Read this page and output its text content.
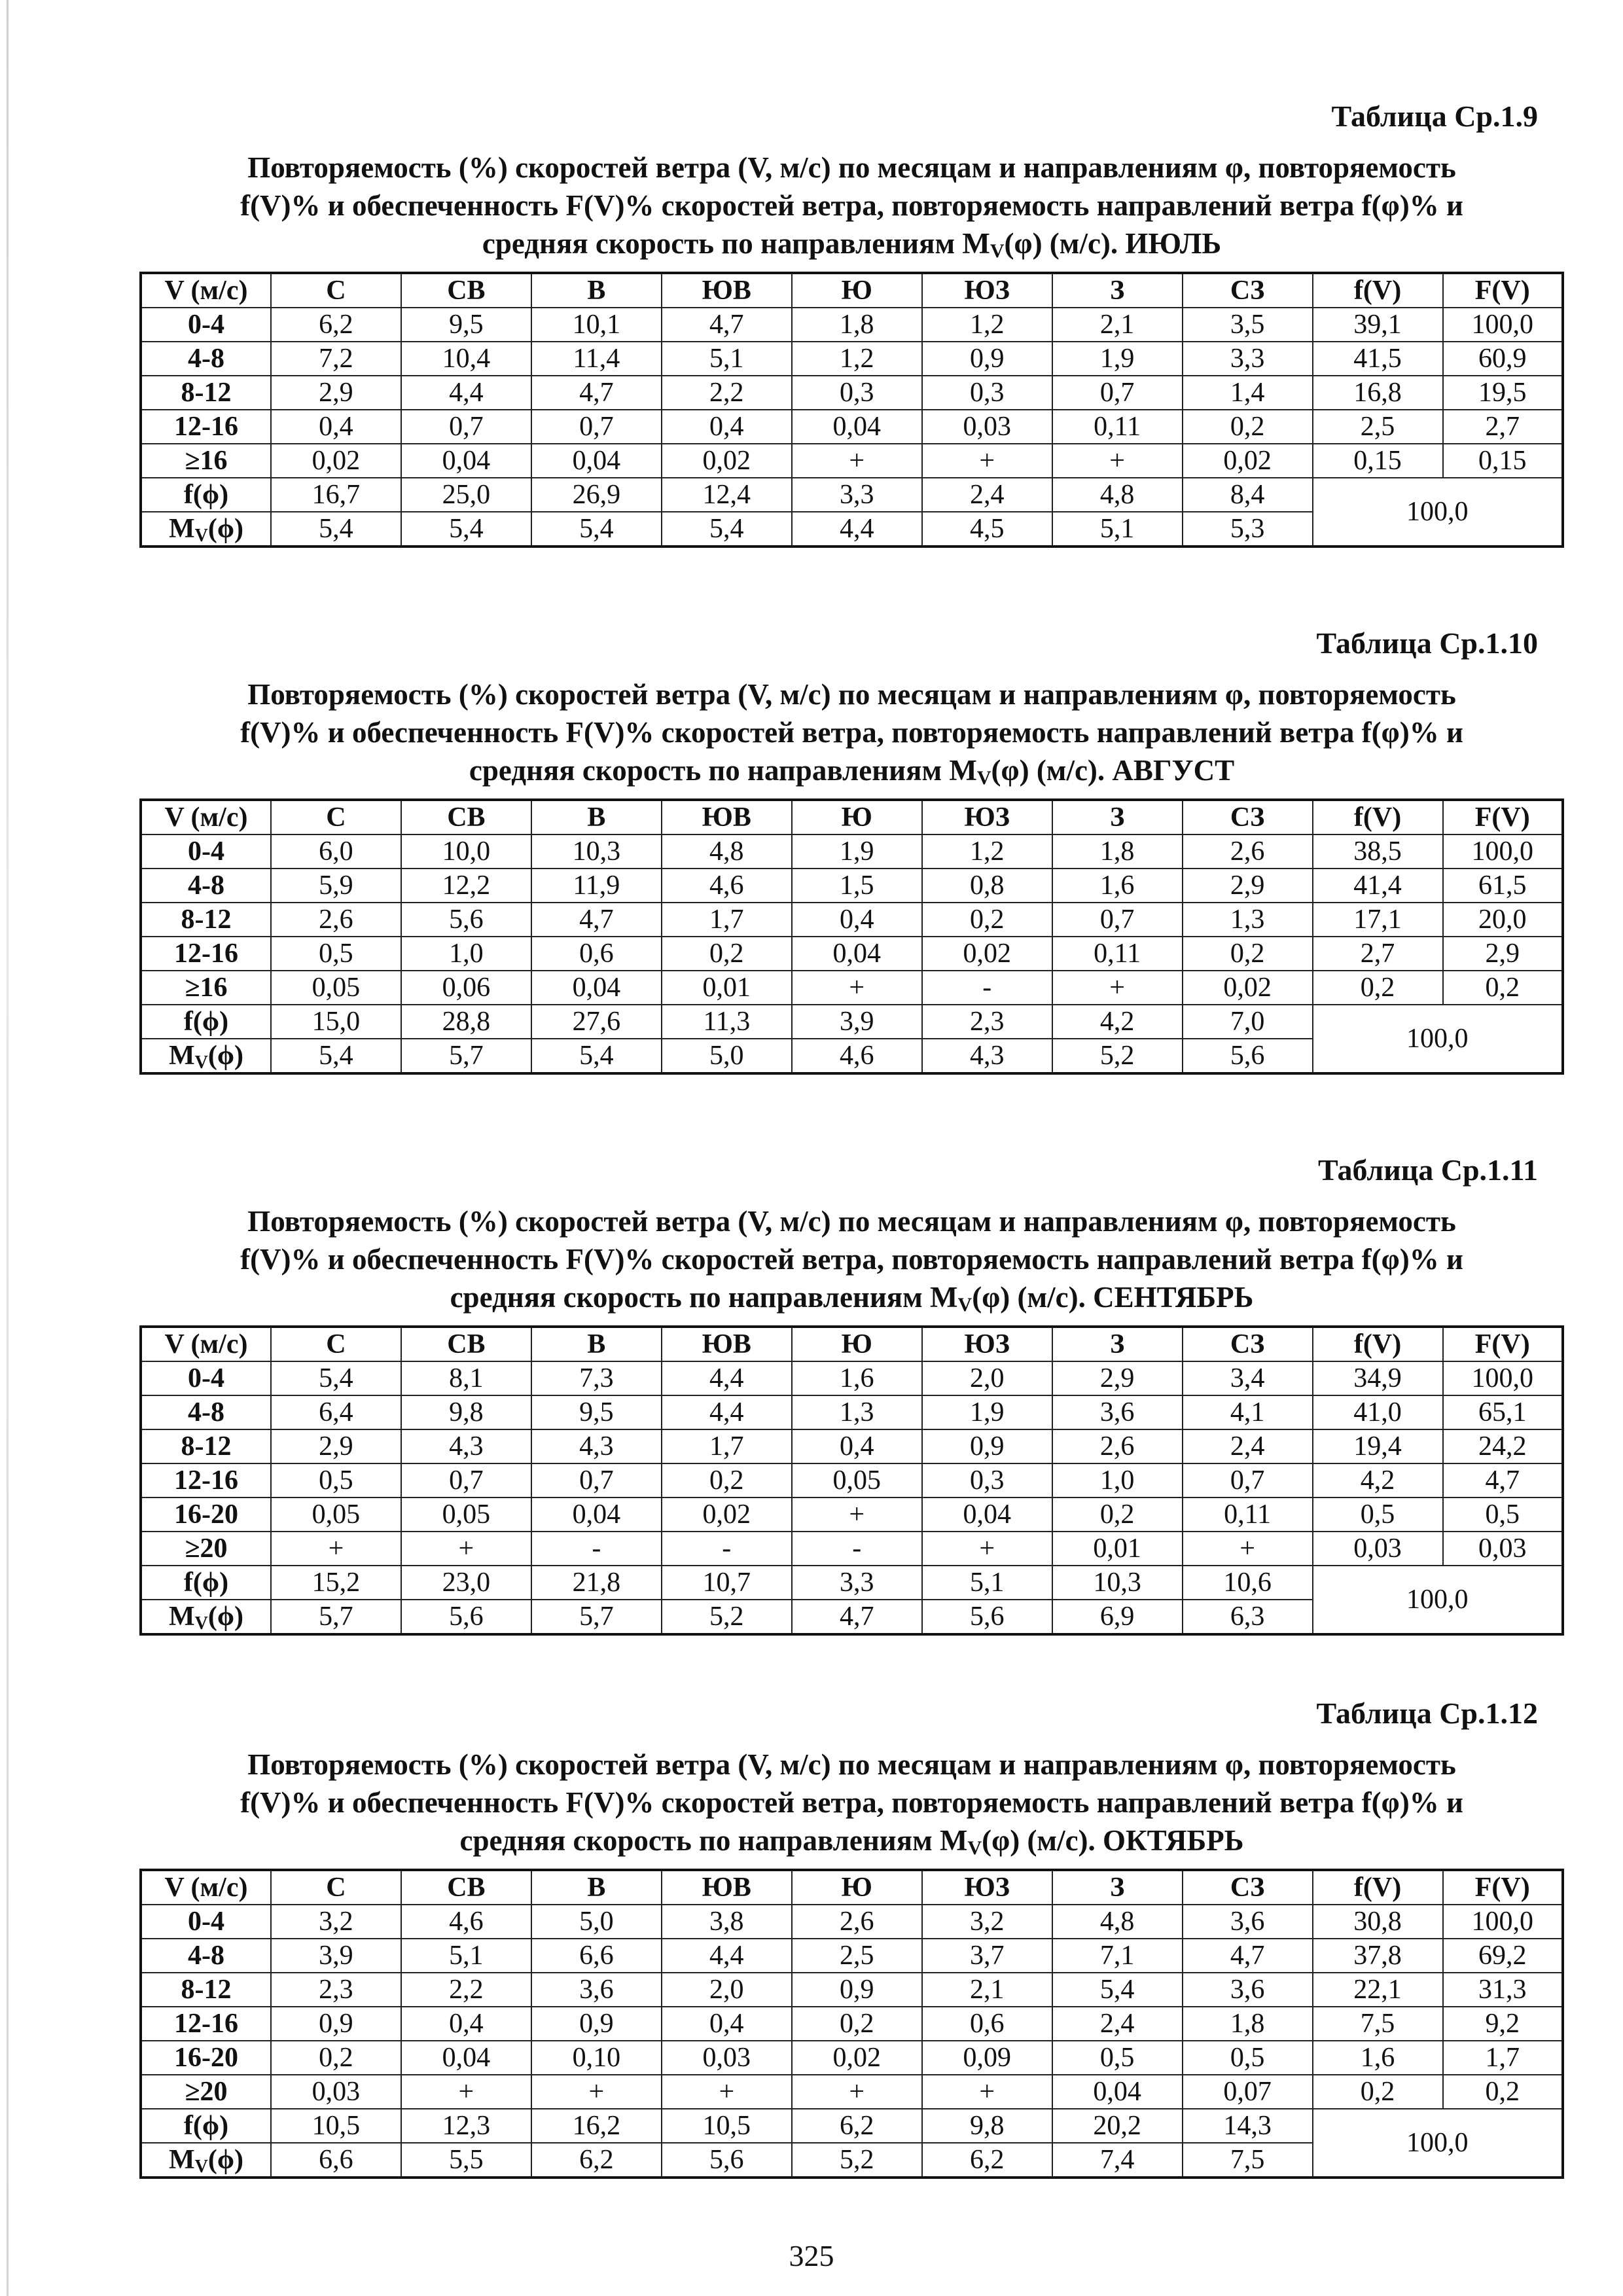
Таблица Ср.1.9
Повторяемость (%) скоростей ветра (V, м/с) по месяцам и направлениям φ, повторяемость
f(V)% и обеспеченность F(V)% скоростей ветра, повторяемость направлений ветра f(φ)% и
средняя скорость по направлениям $M_V(\varphi)$ (м/с). ИЮЛЬ
V (м/с)	С	СВ	В	ЮВ	Ю	ЮЗ	З	СЗ	f(V)	F(V)
0-4	6,2	9,5	10,1	4,7	1,8	1,2	2,1	3,5	39,1	100,0
4-8	7,2	10,4	11,4	5,1	1,2	0,9	1,9	3,3	41,5	60,9
8-12	2,9	4,4	4,7	2,2	0,3	0,3	0,7	1,4	16,8	19,5
12-16	0,4	0,7	0,7	0,4	0,04	0,03	0,11	0,2	2,5	2,7
≥16	0,02	0,04	0,04	0,02	+	+	+	0,02	0,15	0,15
f(ϕ)	16,7	25,0	26,9	12,4	3,3	2,4	4,8	8,4	100,0	
$M_V(\phi)$	5,4	5,4	5,4	5,4	4,4	4,5	5,1	5,3		
Таблица Ср.1.10
Повторяемость (%) скоростей ветра (V, м/с) по месяцам и направлениям φ, повторяемость
f(V)% и обеспеченность F(V)% скоростей ветра, повторяемость направлений ветра f(φ)% и
средняя скорость по направлениям $M_V(\varphi)$ (м/с). АВГУСТ
V (м/с)	С	СВ	В	ЮВ	Ю	ЮЗ	З	СЗ	f(V)	F(V)
0-4	6,0	10,0	10,3	4,8	1,9	1,2	1,8	2,6	38,5	100,0
4-8	5,9	12,2	11,9	4,6	1,5	0,8	1,6	2,9	41,4	61,5
8-12	2,6	5,6	4,7	1,7	0,4	0,2	0,7	1,3	17,1	20,0
12-16	0,5	1,0	0,6	0,2	0,04	0,02	0,11	0,2	2,7	2,9
≥16	0,05	0,06	0,04	0,01	+	-	+	0,02	0,2	0,2
f(ϕ)	15,0	28,8	27,6	11,3	3,9	2,3	4,2	7,0	100,0	
$M_V(\phi)$	5,4	5,7	5,4	5,0	4,6	4,3	5,2	5,6		
Таблица Ср.1.11
Повторяемость (%) скоростей ветра (V, м/с) по месяцам и направлениям φ, повторяемость
f(V)% и обеспеченность F(V)% скоростей ветра, повторяемость направлений ветра f(φ)% и
средняя скорость по направлениям $M_V(\varphi)$ (м/с). СЕНТЯБРЬ
V (м/с)	С	СВ	В	ЮВ	Ю	ЮЗ	З	СЗ	f(V)	F(V)
0-4	5,4	8,1	7,3	4,4	1,6	2,0	2,9	3,4	34,9	100,0
4-8	6,4	9,8	9,5	4,4	1,3	1,9	3,6	4,1	41,0	65,1
8-12	2,9	4,3	4,3	1,7	0,4	0,9	2,6	2,4	19,4	24,2
12-16	0,5	0,7	0,7	0,2	0,05	0,3	1,0	0,7	4,2	4,7
16-20	0,05	0,05	0,04	0,02	+	0,04	0,2	0,11	0,5	0,5
≥20	+	+	-	-	-	+	0,01	+	0,03	0,03
f(ϕ)	15,2	23,0	21,8	10,7	3,3	5,1	10,3	10,6	100,0	
$M_V(\phi)$	5,7	5,6	5,7	5,2	4,7	5,6	6,9	6,3		
Таблица Ср.1.12
Повторяемость (%) скоростей ветра (V, м/с) по месяцам и направлениям φ, повторяемость
f(V)% и обеспеченность F(V)% скоростей ветра, повторяемость направлений ветра f(φ)% и
средняя скорость по направлениям $M_V(\varphi)$ (м/с). ОКТЯБРЬ
V (м/с)	С	СВ	В	ЮВ	Ю	ЮЗ	З	СЗ	f(V)	F(V)
0-4	3,2	4,6	5,0	3,8	2,6	3,2	4,8	3,6	30,8	100,0
4-8	3,9	5,1	6,6	4,4	2,5	3,7	7,1	4,7	37,8	69,2
8-12	2,3	2,2	3,6	2,0	0,9	2,1	5,4	3,6	22,1	31,3
12-16	0,9	0,4	0,9	0,4	0,2	0,6	2,4	1,8	7,5	9,2
16-20	0,2	0,04	0,10	0,03	0,02	0,09	0,5	0,5	1,6	1,7
≥20	0,03	+	+	+	+	+	0,04	0,07	0,2	0,2
f(ϕ)	10,5	12,3	16,2	10,5	6,2	9,8	20,2	14,3	100,0	
$M_V(\phi)$	6,6	5,5	6,2	5,6	5,2	6,2	7,4	7,5		
325
